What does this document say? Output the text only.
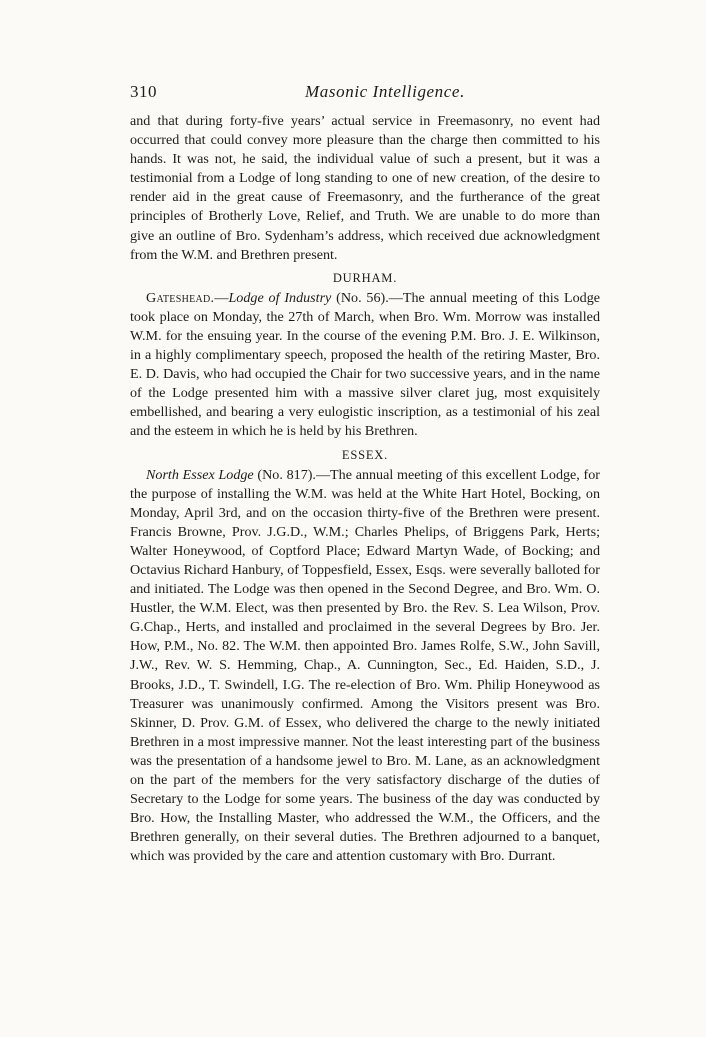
310	Masonic Intelligence.

and that during forty-five years’ actual service in Freemasonry, no event had occurred that could convey more pleasure than the charge then committed to his hands. It was not, he said, the individual value of such a present, but it was a testimonial from a Lodge of long standing to one of new creation, of the desire to render aid in the great cause of Freemasonry, and the furtherance of the great principles of Brotherly Love, Relief, and Truth. We are unable to do more than give an outline of Bro. Sydenham’s address, which received due acknowledgment from the W.M. and Brethren present.

DURHAM.

Gateshead.—Lodge of Industry (No. 56).—The annual meeting of this Lodge took place on Monday, the 27th of March, when Bro. Wm. Morrow was installed W.M. for the ensuing year. In the course of the evening P.M. Bro. J. E. Wilkinson, in a highly complimentary speech, proposed the health of the retiring Master, Bro. E. D. Davis, who had occupied the Chair for two successive years, and in the name of the Lodge presented him with a massive silver claret jug, most exquisitely embellished, and bearing a very eulogistic inscription, as a testimonial of his zeal and the esteem in which he is held by his Brethren.

ESSEX.

North Essex Lodge (No. 817).—The annual meeting of this excellent Lodge, for the purpose of installing the W.M. was held at the White Hart Hotel, Bocking, on Monday, April 3rd, and on the occasion thirty-five of the Brethren were present. Francis Browne, Prov. J.G.D., W.M.; Charles Phelips, of Briggens Park, Herts; Walter Honeywood, of Coptford Place; Edward Martyn Wade, of Bocking; and Octavius Richard Hanbury, of Toppesfield, Essex, Esqs. were severally balloted for and initiated. The Lodge was then opened in the Second Degree, and Bro. Wm. O. Hustler, the W.M. Elect, was then presented by Bro. the Rev. S. Lea Wilson, Prov. G.Chap., Herts, and installed and proclaimed in the several Degrees by Bro. Jer. How, P.M., No. 82. The W.M. then appointed Bro. James Rolfe, S.W., John Savill, J.W., Rev. W. S. Hemming, Chap., A. Cunnington, Sec., Ed. Haiden, S.D., J. Brooks, J.D., T. Swindell, I.G. The re-election of Bro. Wm. Philip Honeywood as Treasurer was unanimously confirmed. Among the Visitors present was Bro. Skinner, D. Prov. G.M. of Essex, who delivered the charge to the newly initiated Brethren in a most impressive manner. Not the least interesting part of the business was the presentation of a handsome jewel to Bro. M. Lane, as an acknowledgment on the part of the members for the very satisfactory discharge of the duties of Secretary to the Lodge for some years. The business of the day was conducted by Bro. How, the Installing Master, who addressed the W.M., the Officers, and the Brethren generally, on their several duties. The Brethren adjourned to a banquet, which was provided by the care and attention customary with Bro. Durrant.
